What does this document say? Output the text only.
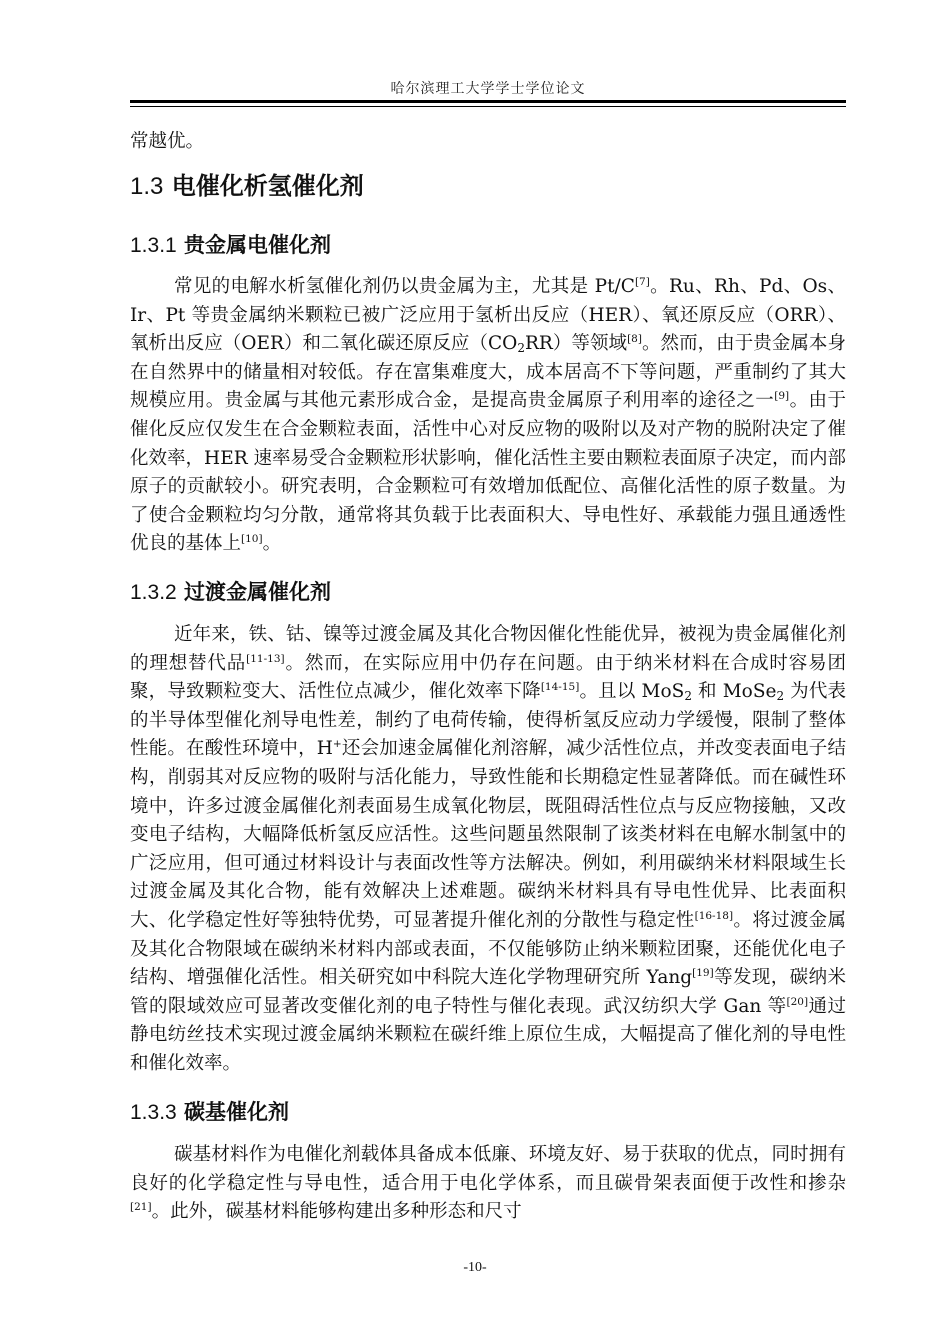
哈尔滨理工大学学士学位论文

常越优。

1.3 电催化析氢催化剂

1.3.1 贵金属电催化剂

常见的电解水析氢催化剂仍以贵金属为主，尤其是 Pt/C[7]。Ru、Rh、Pd、Os、Ir、Pt 等贵金属纳米颗粒已被广泛应用于氢析出反应（HER）、氧还原反应（ORR）、氧析出反应（OER）和二氧化碳还原反应$(CO_2RR)$等领域[8]。然而，由于贵金属本身在自然界中的储量相对较低。存在富集难度大，成本居高不下等问题，严重制约了其大规模应用。贵金属与其他元素形成合金，是提高贵金属原子利用率的途径之一[9]。由于催化反应仅发生在合金颗粒表面，活性中心对反应物的吸附以及对产物的脱附决定了催化效率，HER 速率易受合金颗粒形状影响，催化活性主要由颗粒表面原子决定，而内部原子的贡献较小。研究表明，合金颗粒可有效增加低配位、高催化活性的原子数量。为了使合金颗粒均匀分散，通常将其负载于比表面积大、导电性好、承载能力强且通透性优良的基体上[10]。

1.3.2 过渡金属催化剂

近年来，铁、钴、镍等过渡金属及其化合物因催化性能优异，被视为贵金属催化剂的理想替代品[11-13]。然而，在实际应用中仍存在问题。由于纳米材料在合成时容易团聚，导致颗粒变大、活性位点减少，催化效率下降[14-15]。且以 MoS$_2$ 和 MoSe$_2$ 为代表的半导体型催化剂导电性差，制约了电荷传输，使得析氢反应动力学缓慢，限制了整体性能。在酸性环境中，H+还会加速金属催化剂溶解，减少活性位点，并改变表面电子结构，削弱其对反应物的吸附与活化能力，导致性能和长期稳定性显著降低。而在碱性环境中，许多过渡金属催化剂表面易生成氧化物层，既阻碍活性位点与反应物接触，又改变电子结构，大幅降低析氢反应活性。这些问题虽然限制了该类材料在电解水制氢中的广泛应用，但可通过材料设计与表面改性等方法解决。例如，利用碳纳米材料限域生长过渡金属及其化合物，能有效解决上述难题。碳纳米材料具有导电性优异、比表面积大、化学稳定性好等独特优势，可显著提升催化剂的分散性与稳定性[16-18]。将过渡金属及其化合物限域在碳纳米材料内部或表面，不仅能够防止纳米颗粒团聚，还能优化电子结构、增强催化活性。相关研究如中科院大连化学物理研究所 Yang[19]等发现，碳纳米管的限域效应可显著改变催化剂的电子特性与催化表现。武汉纺织大学 Gan 等[20]通过静电纺丝技术实现过渡金属纳米颗粒在碳纤维上原位生成，大幅提高了催化剂的导电性和催化效率。

1.3.3 碳基催化剂

碳基材料作为电催化剂载体具备成本低廉、环境友好、易于获取的优点，同时拥有良好的化学稳定性与导电性，适合用于电化学体系，而且碳骨架表面便于改性和掺杂[21]。此外，碳基材料能够构建出多种形态和尺寸

-10-
